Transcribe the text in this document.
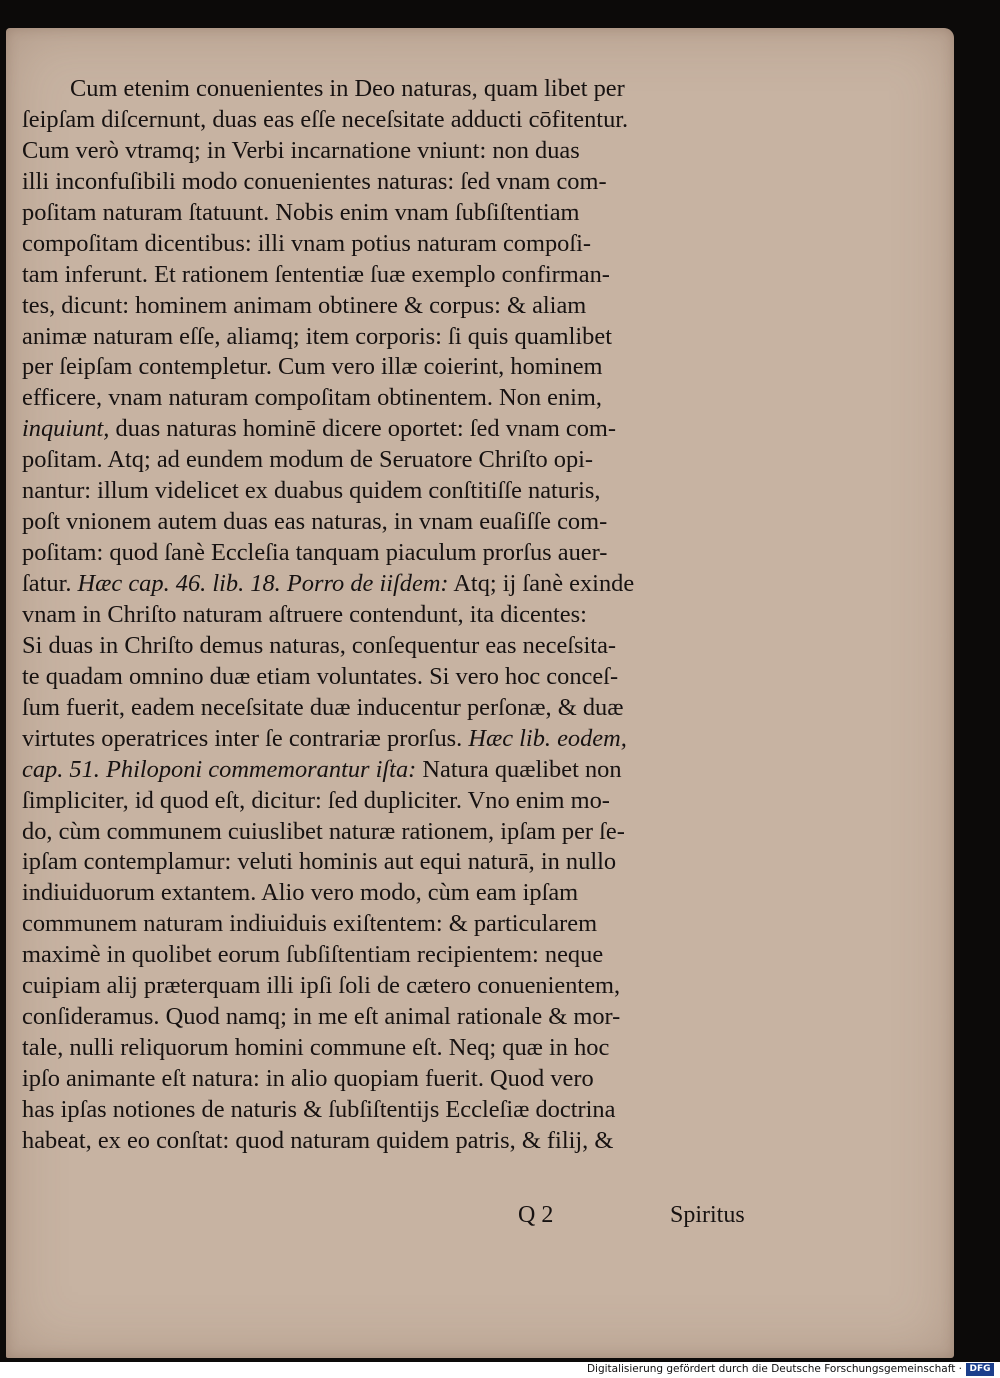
Cum etenim conuenientes in Deo naturas, quam libet per
ſeipſam diſcernunt, duas eas eſſe neceſsitate adducti cōfitentur.
Cum verò vtramq; in Verbi incarnatione vniunt: non duas
illi inconfuſibili modo conuenientes naturas: ſed vnam com-
poſitam naturam ſtatuunt. Nobis enim vnam ſubſiſtentiam
compoſitam dicentibus: illi vnam potius naturam compoſi-
tam inferunt. Et rationem ſententiæ ſuæ exemplo confirman-
tes, dicunt: hominem animam obtinere & corpus: & aliam
animæ naturam eſſe, aliamq; item corporis: ſi quis quamlibet
per ſeipſam contempletur. Cum vero illæ coierint, hominem
efficere, vnam naturam compoſitam obtinentem. Non enim,
inquiunt, duas naturas hominē dicere oportet: ſed vnam com-
poſitam. Atq; ad eundem modum de Seruatore Chriſto opi-
nantur: illum videlicet ex duabus quidem conſtitiſſe naturis,
poſt vnionem autem duas eas naturas, in vnam euaſiſſe com-
poſitam: quod ſanè Eccleſia tanquam piaculum prorſus auer-
ſatur. Hæc cap. 46. lib. 18. Porro de iiſdem: Atq; ij ſanè exinde
vnam in Chriſto naturam aſtruere contendunt, ita dicentes:
Si duas in Chriſto demus naturas, conſequentur eas neceſsita-
te quadam omnino duæ etiam voluntates. Si vero hoc conceſ-
ſum fuerit, eadem neceſsitate duæ inducentur perſonæ, & duæ
virtutes operatrices inter ſe contrariæ prorſus. Hæc lib. eodem,
cap. 51. Philoponi commemorantur iſta: Natura quælibet non
ſimpliciter, id quod eſt, dicitur: ſed dupliciter. Vno enim mo-
do, cùm communem cuiuslibet naturæ rationem, ipſam per ſe-
ipſam contemplamur: veluti hominis aut equi naturā, in nullo
indiuiduorum extantem. Alio vero modo, cùm eam ipſam
communem naturam indiuiduis exiſtentem: & particularem
maximè in quolibet eorum ſubſiſtentiam recipientem: neque
cuipiam alij præterquam illi ipſi ſoli de cætero conuenientem,
conſideramus. Quod namq; in me eſt animal rationale & mor-
tale, nulli reliquorum homini commune eſt. Neq; quæ in hoc
ipſo animante eſt natura: in alio quopiam fuerit. Quod vero
has ipſas notiones de naturis & ſubſiſtentijs Eccleſiæ doctrina
habeat, ex eo conſtat: quod naturam quidem patris, & filij, &
Q 2	Spiritus
Digitalisierung gefördert durch die Deutsche Forschungsgemeinschaft · DFG
